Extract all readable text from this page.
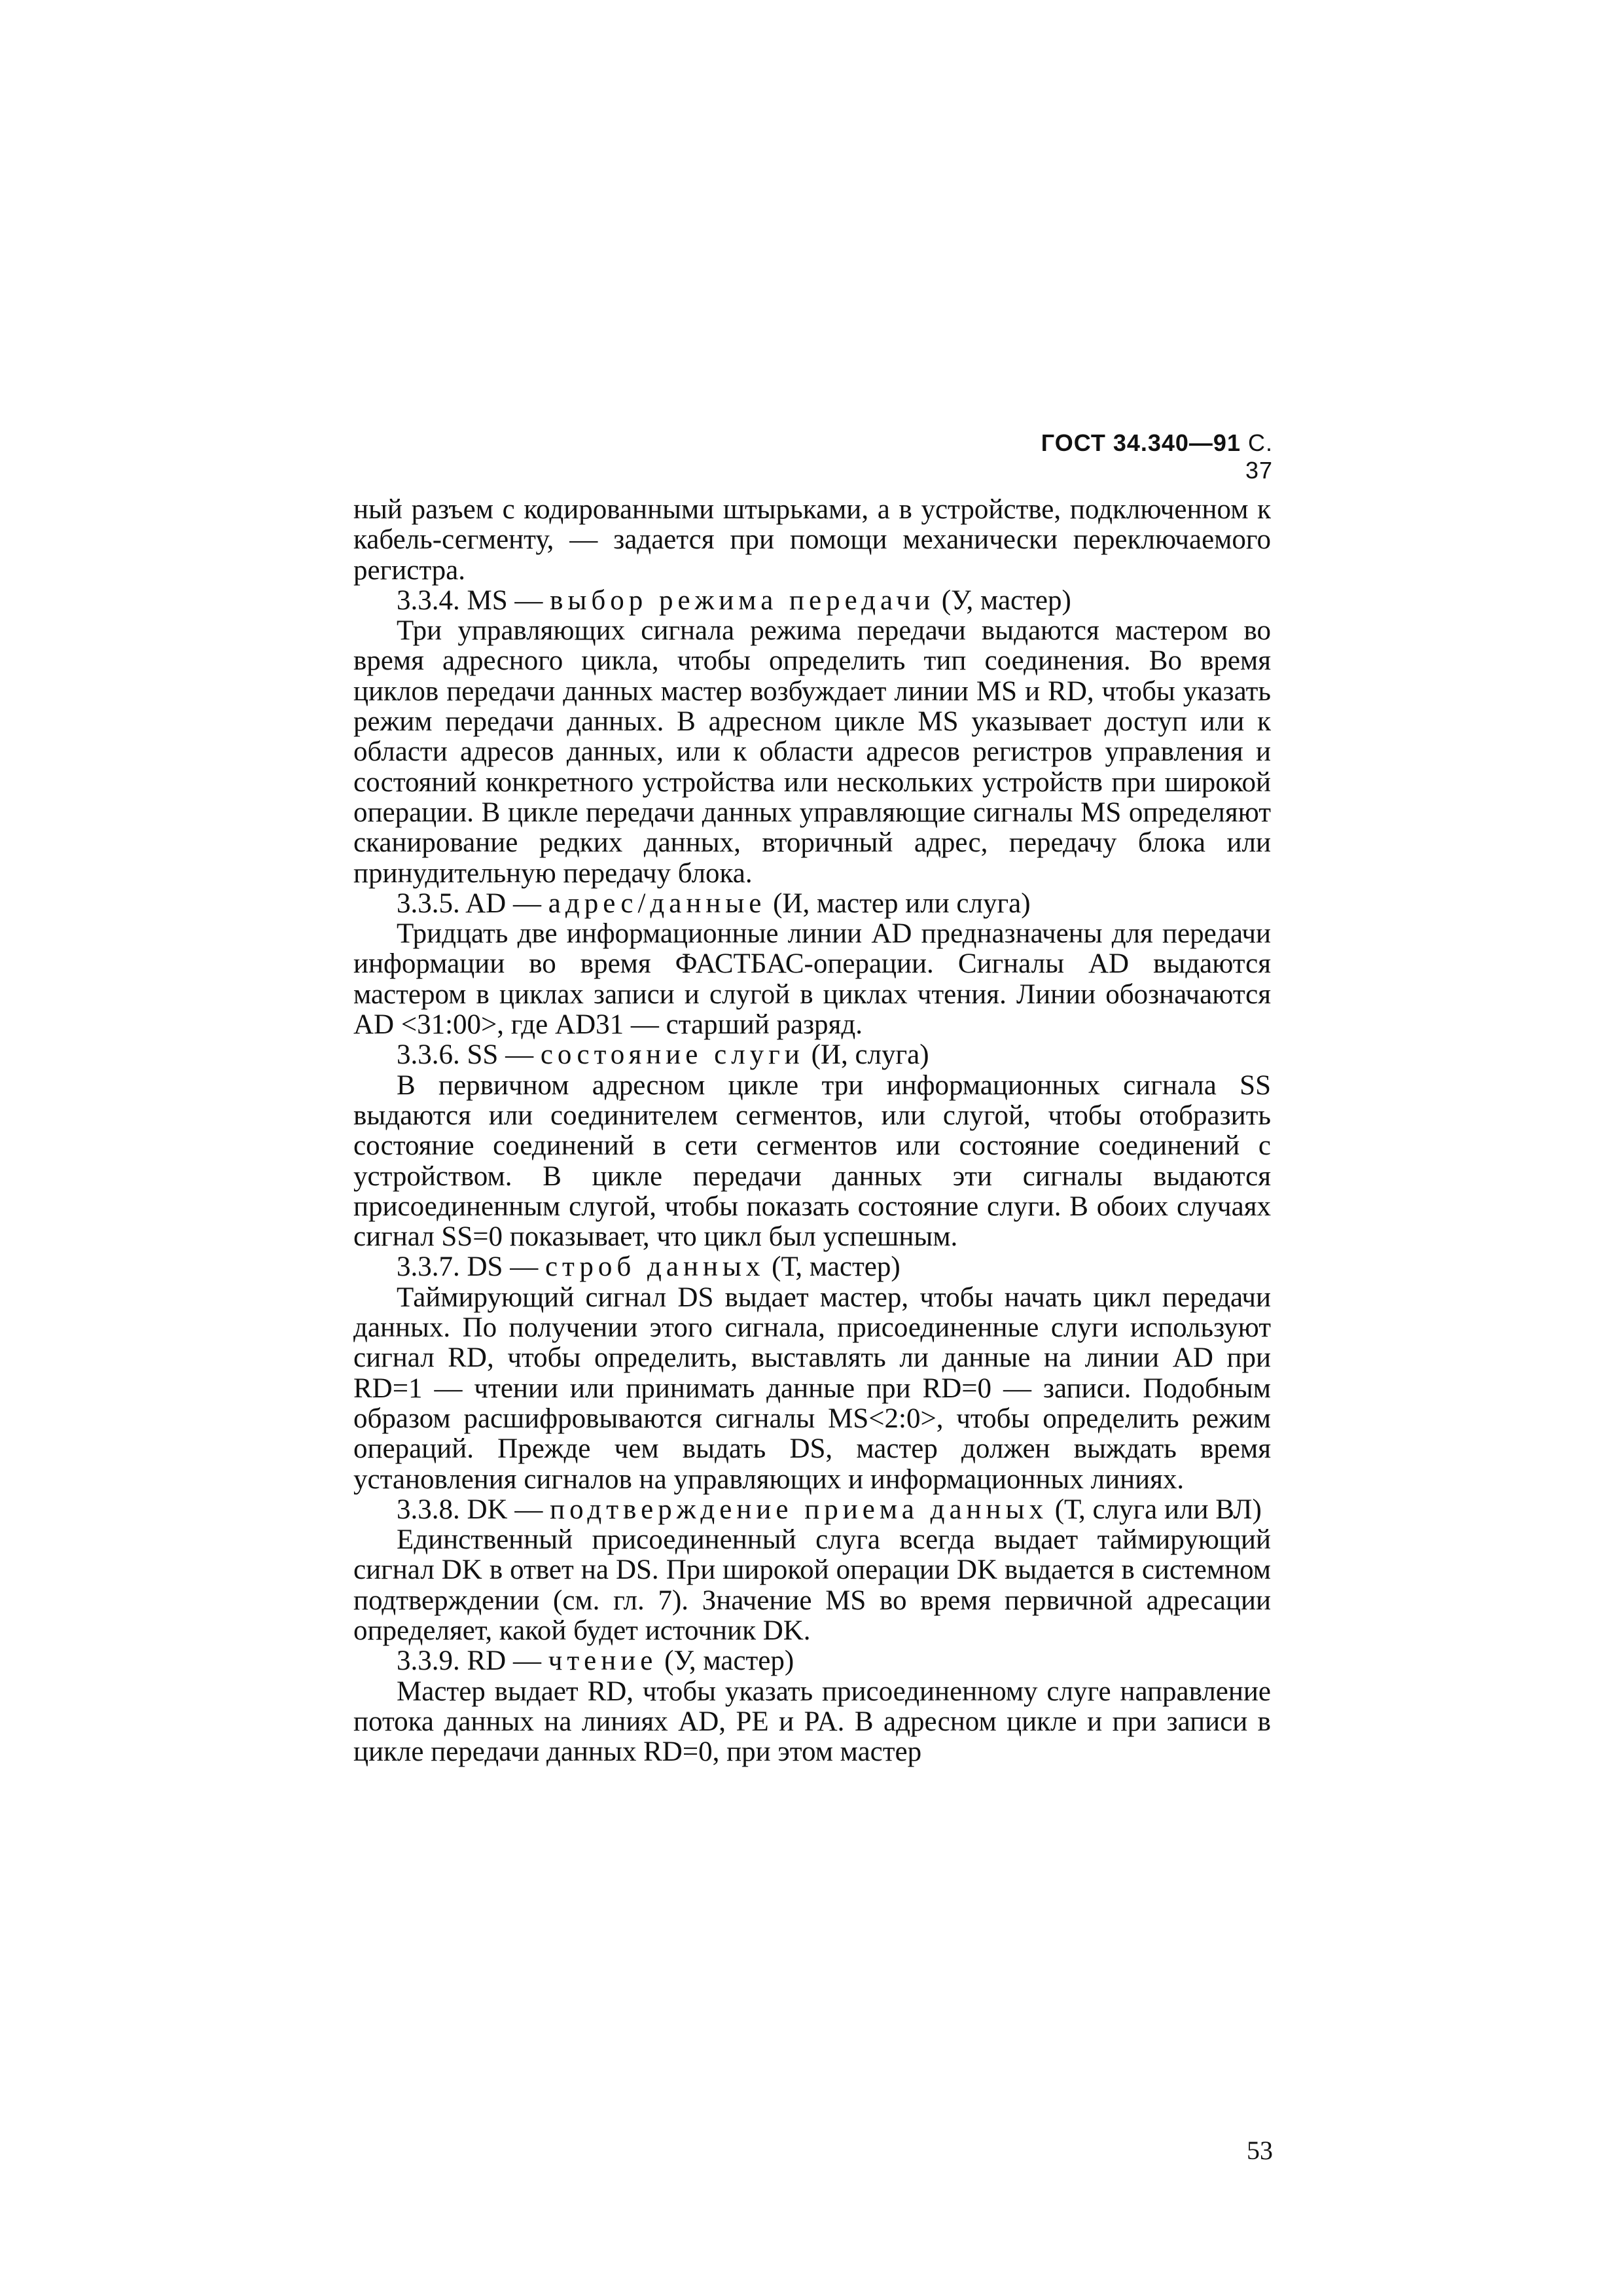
ГОСТ 34.340—91 С. 37

ный разъем с кодированными штырьками, а в устройстве, подключенном к кабель-сегменту, — задается при помощи механически переключаемого регистра.

3.3.4. MS — выбор режима передачи (У, мастер)

Три управляющих сигнала режима передачи выдаются мастером во время адресного цикла, чтобы определить тип соединения. Во время циклов передачи данных мастер возбуждает линии MS и RD, чтобы указать режим передачи данных. В адресном цикле MS указывает доступ или к области адресов данных, или к области адресов регистров управления и состояний конкретного устройства или нескольких устройств при широкой операции. В цикле передачи данных управляющие сигналы MS определяют сканирование редких данных, вторичный адрес, передачу блока или принудительную передачу блока.

3.3.5. AD — адрес/данные (И, мастер или слуга)

Тридцать две информационные линии AD предназначены для передачи информации во время ФАСТБАС-операции. Сигналы AD выдаются мастером в циклах записи и слугой в циклах чтения. Линии обозначаются AD <31:00>, где AD31 — старший разряд.

3.3.6. SS — состояние слуги (И, слуга)

В первичном адресном цикле три информационных сигнала SS выдаются или соединителем сегментов, или слугой, чтобы отобразить состояние соединений в сети сегментов или состояние соединений с устройством. В цикле передачи данных эти сигналы выдаются присоединенным слугой, чтобы показать состояние слуги. В обоих случаях сигнал SS=0 показывает, что цикл был успешным.

3.3.7. DS — строб данных (Т, мастер)

Таймирующий сигнал DS выдает мастер, чтобы начать цикл передачи данных. По получении этого сигнала, присоединенные слуги используют сигнал RD, чтобы определить, выставлять ли данные на линии AD при RD=1 — чтении или принимать данные при RD=0 — записи. Подобным образом расшифровываются сигналы MS<2:0>, чтобы определить режим операций. Прежде чем выдать DS, мастер должен выждать время установления сигналов на управляющих и информационных линиях.

3.3.8. DK — подтверждение приема данных (Т, слуга или ВЛ)

Единственный присоединенный слуга всегда выдает таймирующий сигнал DK в ответ на DS. При широкой операции DK выдается в системном подтверждении (см. гл. 7). Значение MS во время первичной адресации определяет, какой будет источник DK.

3.3.9. RD — чтение (У, мастер)

Мастер выдает RD, чтобы указать присоединенному слуге направление потока данных на линиях AD, PE и PA. В адресном цикле и при записи в цикле передачи данных RD=0, при этом мастер

53
